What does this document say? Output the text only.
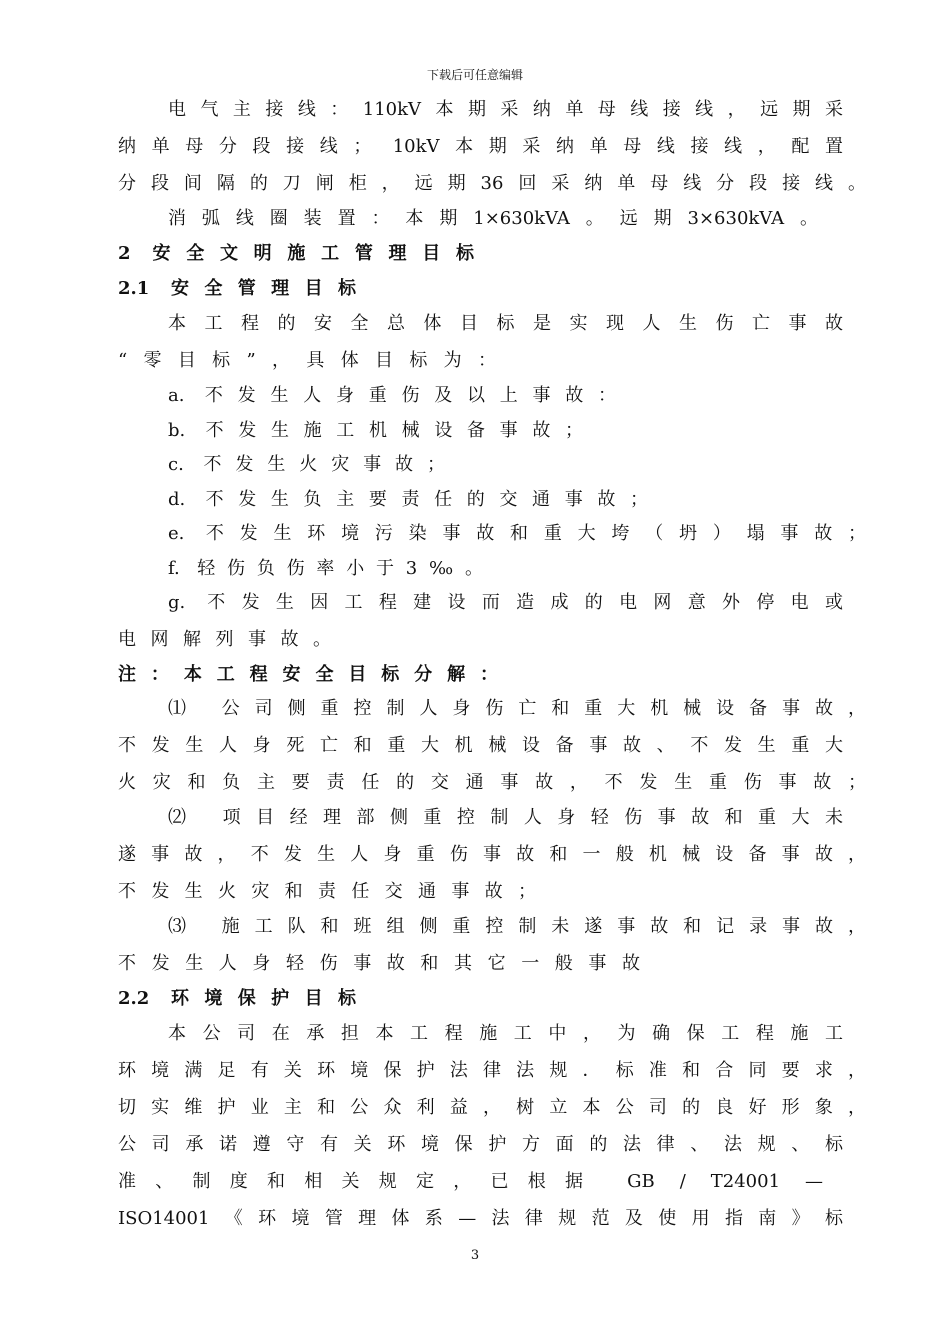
下载后可任意编辑
电气主接线：110kV本期采纳单母线接线，远期采
纳单母分段接线； 10kV本期采纳单母线接线，配置
分段间隔的刀闸柜，远期36回采纳单母线分段接线。
消弧线圈装置：本期1×630kVA。远期3×630kVA。
2 安全文明施工管理目标
2.1 安全管理目标
本工程的安全总体目标是实现人生伤亡事故
“零目标”，具体目标为：
a. 不发生人身重伤及以上事故：
b. 不发生施工机械设备事故；
c. 不发生火灾事故；
d. 不发生负主要责任的交通事故；
e. 不发生环境污染事故和重大垮（坍）塌事故；
f. 轻伤负伤率小于3‰。
g. 不发生因工程建设而造成的电网意外停电或
电网解列事故。
注：本工程安全目标分解：
⑴ 公司侧重控制人身伤亡和重大机械设备事故，
不发生人身死亡和重大机械设备事故、不发生重大
火灾和负主要责任的交通事故，不发生重伤事故；
⑵ 项目经理部侧重控制人身轻伤事故和重大未
遂事故，不发生人身重伤事故和一般机械设备事故，
不发生火灾和责任交通事故；
⑶ 施工队和班组侧重控制未遂事故和记录事故，
不发生人身轻伤事故和其它一般事故
2.2 环境保护目标
本公司在承担本工程施工中，为确保工程施工
环境满足有关环境保护法律法规．标准和合同要求，
切实维护业主和公众利益，树立本公司的良好形象，
公司承诺遵守有关环境保护方面的法律、法规、标
准、制度和相关规定，已根据 GB / T24001 —
ISO14001《环境管理体系—法律规范及使用指南》标
3
